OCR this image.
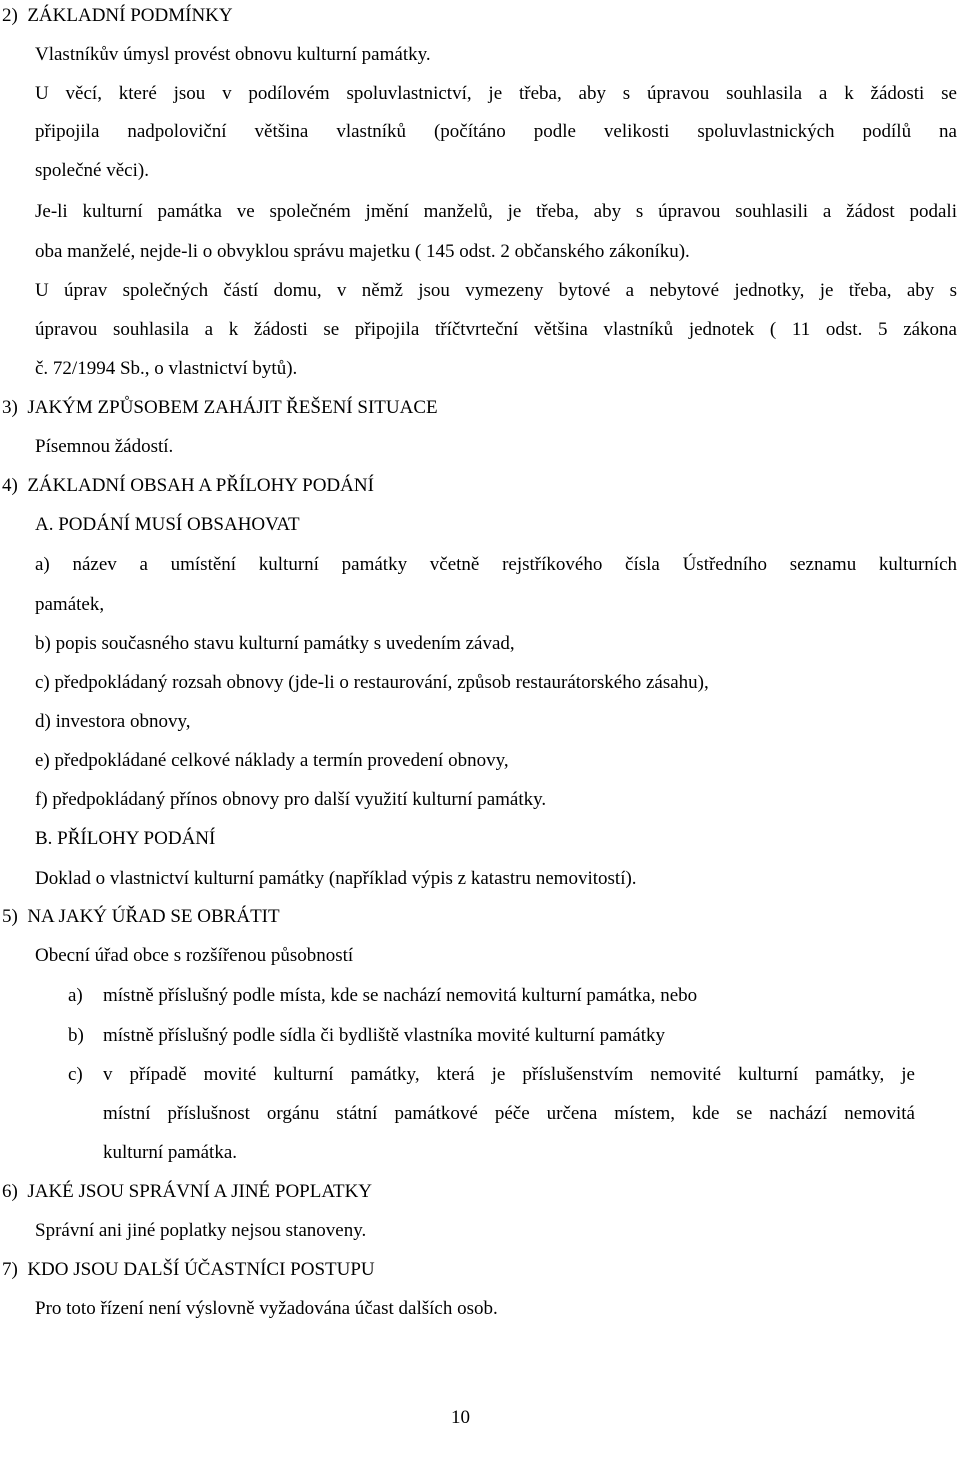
2)  ZÁKLADNÍ PODMÍNKY
Vlastníkův úmysl provést obnovu kulturní památky.
U věcí, které jsou v podílovém spoluvlastnictví, je třeba, aby s úpravou souhlasila a k žádosti se
připojila nadpoloviční většina vlastníků (počítáno podle velikosti spoluvlastnických podílů na
společné věci).
Je-li kulturní památka ve společném jmění manželů, je třeba, aby s úpravou souhlasili a žádost podali
oba manželé, nejde-li o obvyklou správu majetku ( 145 odst. 2 občanského zákoníku).
U úprav společných částí domu, v němž jsou vymezeny bytové a nebytové jednotky, je třeba, aby s
úpravou souhlasila a k žádosti se připojila tříčtvrteční většina vlastníků jednotek ( 11 odst. 5 zákona
č. 72/1994 Sb., o vlastnictví bytů).
3)  JAKÝM ZPŮSOBEM ZAHÁJIT ŘEŠENÍ SITUACE
Písemnou žádostí.
4)  ZÁKLADNÍ OBSAH A PŘÍLOHY PODÁNÍ
A. PODÁNÍ MUSÍ OBSAHOVAT
a) název a umístění kulturní památky včetně rejstříkového čísla Ústředního seznamu kulturních
památek,
b) popis současného stavu kulturní památky s uvedením závad,
c) předpokládaný rozsah obnovy (jde-li o restaurování, způsob restaurátorského zásahu),
d) investora obnovy,
e) předpokládané celkové náklady a termín provedení obnovy,
f) předpokládaný přínos obnovy pro další využití kulturní památky.
B. PŘÍLOHY PODÁNÍ
Doklad o vlastnictví kulturní památky (například výpis z katastru nemovitostí).
5)  NA JAKÝ ÚŘAD SE OBRÁTIT
Obecní úřad obce s rozšířenou působností
a) místně příslušný podle místa, kde se nachází nemovitá kulturní památka, nebo
b) místně příslušný podle sídla či bydliště vlastníka movité kulturní památky
c) v případě movité kulturní památky, která je příslušenstvím nemovité kulturní památky, je
místní příslušnost orgánu státní památkové péče určena místem, kde se nachází nemovitá
kulturní památka.
6)  JAKÉ JSOU SPRÁVNÍ A JINÉ POPLATKY
Správní ani jiné poplatky nejsou stanoveny.
7)  KDO JSOU DALŠÍ ÚČASTNÍCI POSTUPU
Pro toto řízení není výslovně vyžadována účast dalších osob.
10
